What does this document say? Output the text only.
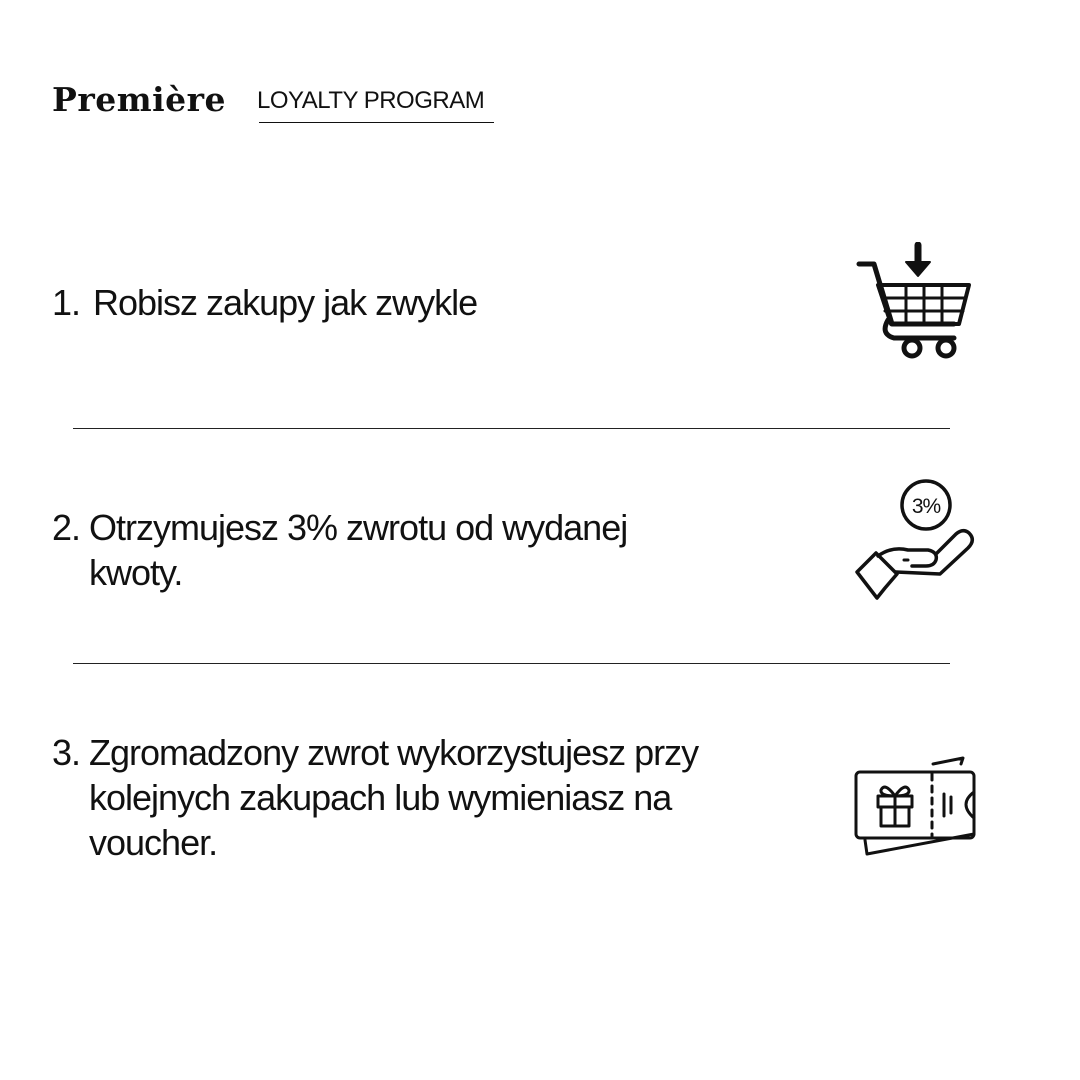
Première LOYALTY PROGRAM
1. Robisz zakupy jak zwykle
2. Otrzymujesz 3% zwrotu od wydanej kwoty.
3%
3. Zgromadzony zwrot wykorzystujesz przy kolejnych zakupach lub wymieniasz na voucher.
